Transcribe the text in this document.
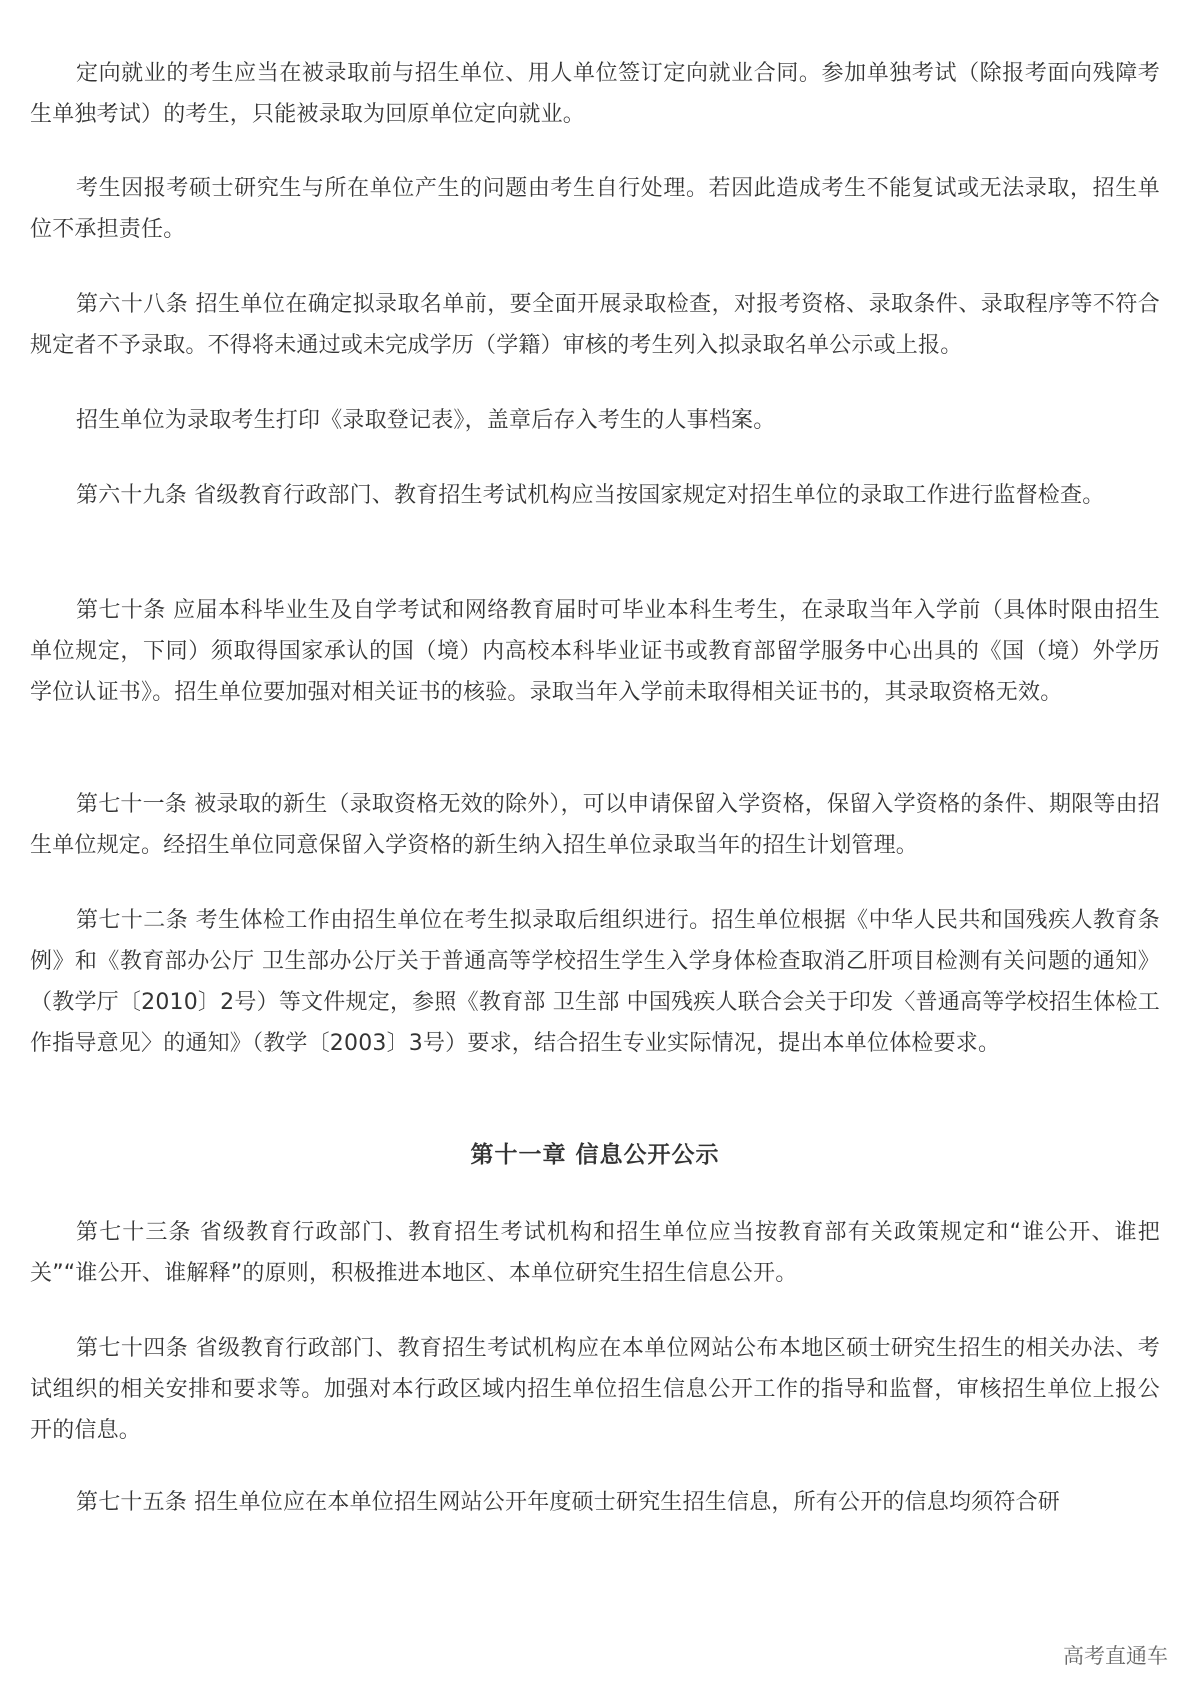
定向就业的考生应当在被录取前与招生单位、用人单位签订定向就业合同。参加单独考试（除报考面向残障考生单独考试）的考生，只能被录取为回原单位定向就业。

考生因报考硕士研究生与所在单位产生的问题由考生自行处理。若因此造成考生不能复试或无法录取，招生单位不承担责任。

第六十八条 招生单位在确定拟录取名单前，要全面开展录取检查，对报考资格、录取条件、录取程序等不符合规定者不予录取。不得将未通过或未完成学历（学籍）审核的考生列入拟录取名单公示或上报。

招生单位为录取考生打印《录取登记表》，盖章后存入考生的人事档案。

第六十九条 省级教育行政部门、教育招生考试机构应当按国家规定对招生单位的录取工作进行监督检查。

第七十条 应届本科毕业生及自学考试和网络教育届时可毕业本科生考生，在录取当年入学前（具体时限由招生单位规定，下同）须取得国家承认的国（境）内高校本科毕业证书或教育部留学服务中心出具的《国（境）外学历学位认证书》。招生单位要加强对相关证书的核验。录取当年入学前未取得相关证书的，其录取资格无效。

第七十一条 被录取的新生（录取资格无效的除外），可以申请保留入学资格，保留入学资格的条件、期限等由招生单位规定。经招生单位同意保留入学资格的新生纳入招生单位录取当年的招生计划管理。

第七十二条 考生体检工作由招生单位在考生拟录取后组织进行。招生单位根据《中华人民共和国残疾人教育条例》和《教育部办公厅 卫生部办公厅关于普通高等学校招生学生入学身体检查取消乙肝项目检测有关问题的通知》（教学厅〔2010〕2号）等文件规定，参照《教育部 卫生部 中国残疾人联合会关于印发〈普通高等学校招生体检工作指导意见〉的通知》（教学〔2003〕3号）要求，结合招生专业实际情况，提出本单位体检要求。

第十一章 信息公开公示

第七十三条 省级教育行政部门、教育招生考试机构和招生单位应当按教育部有关政策规定和“谁公开、谁把关”“谁公开、谁解释”的原则，积极推进本地区、本单位研究生招生信息公开。

第七十四条 省级教育行政部门、教育招生考试机构应在本单位网站公布本地区硕士研究生招生的相关办法、考试组织的相关安排和要求等。加强对本行政区域内招生单位招生信息公开工作的指导和监督，审核招生单位上报公开的信息。

第七十五条 招生单位应在本单位招生网站公开年度硕士研究生招生信息，所有公开的信息均须符合研

高考直通车
